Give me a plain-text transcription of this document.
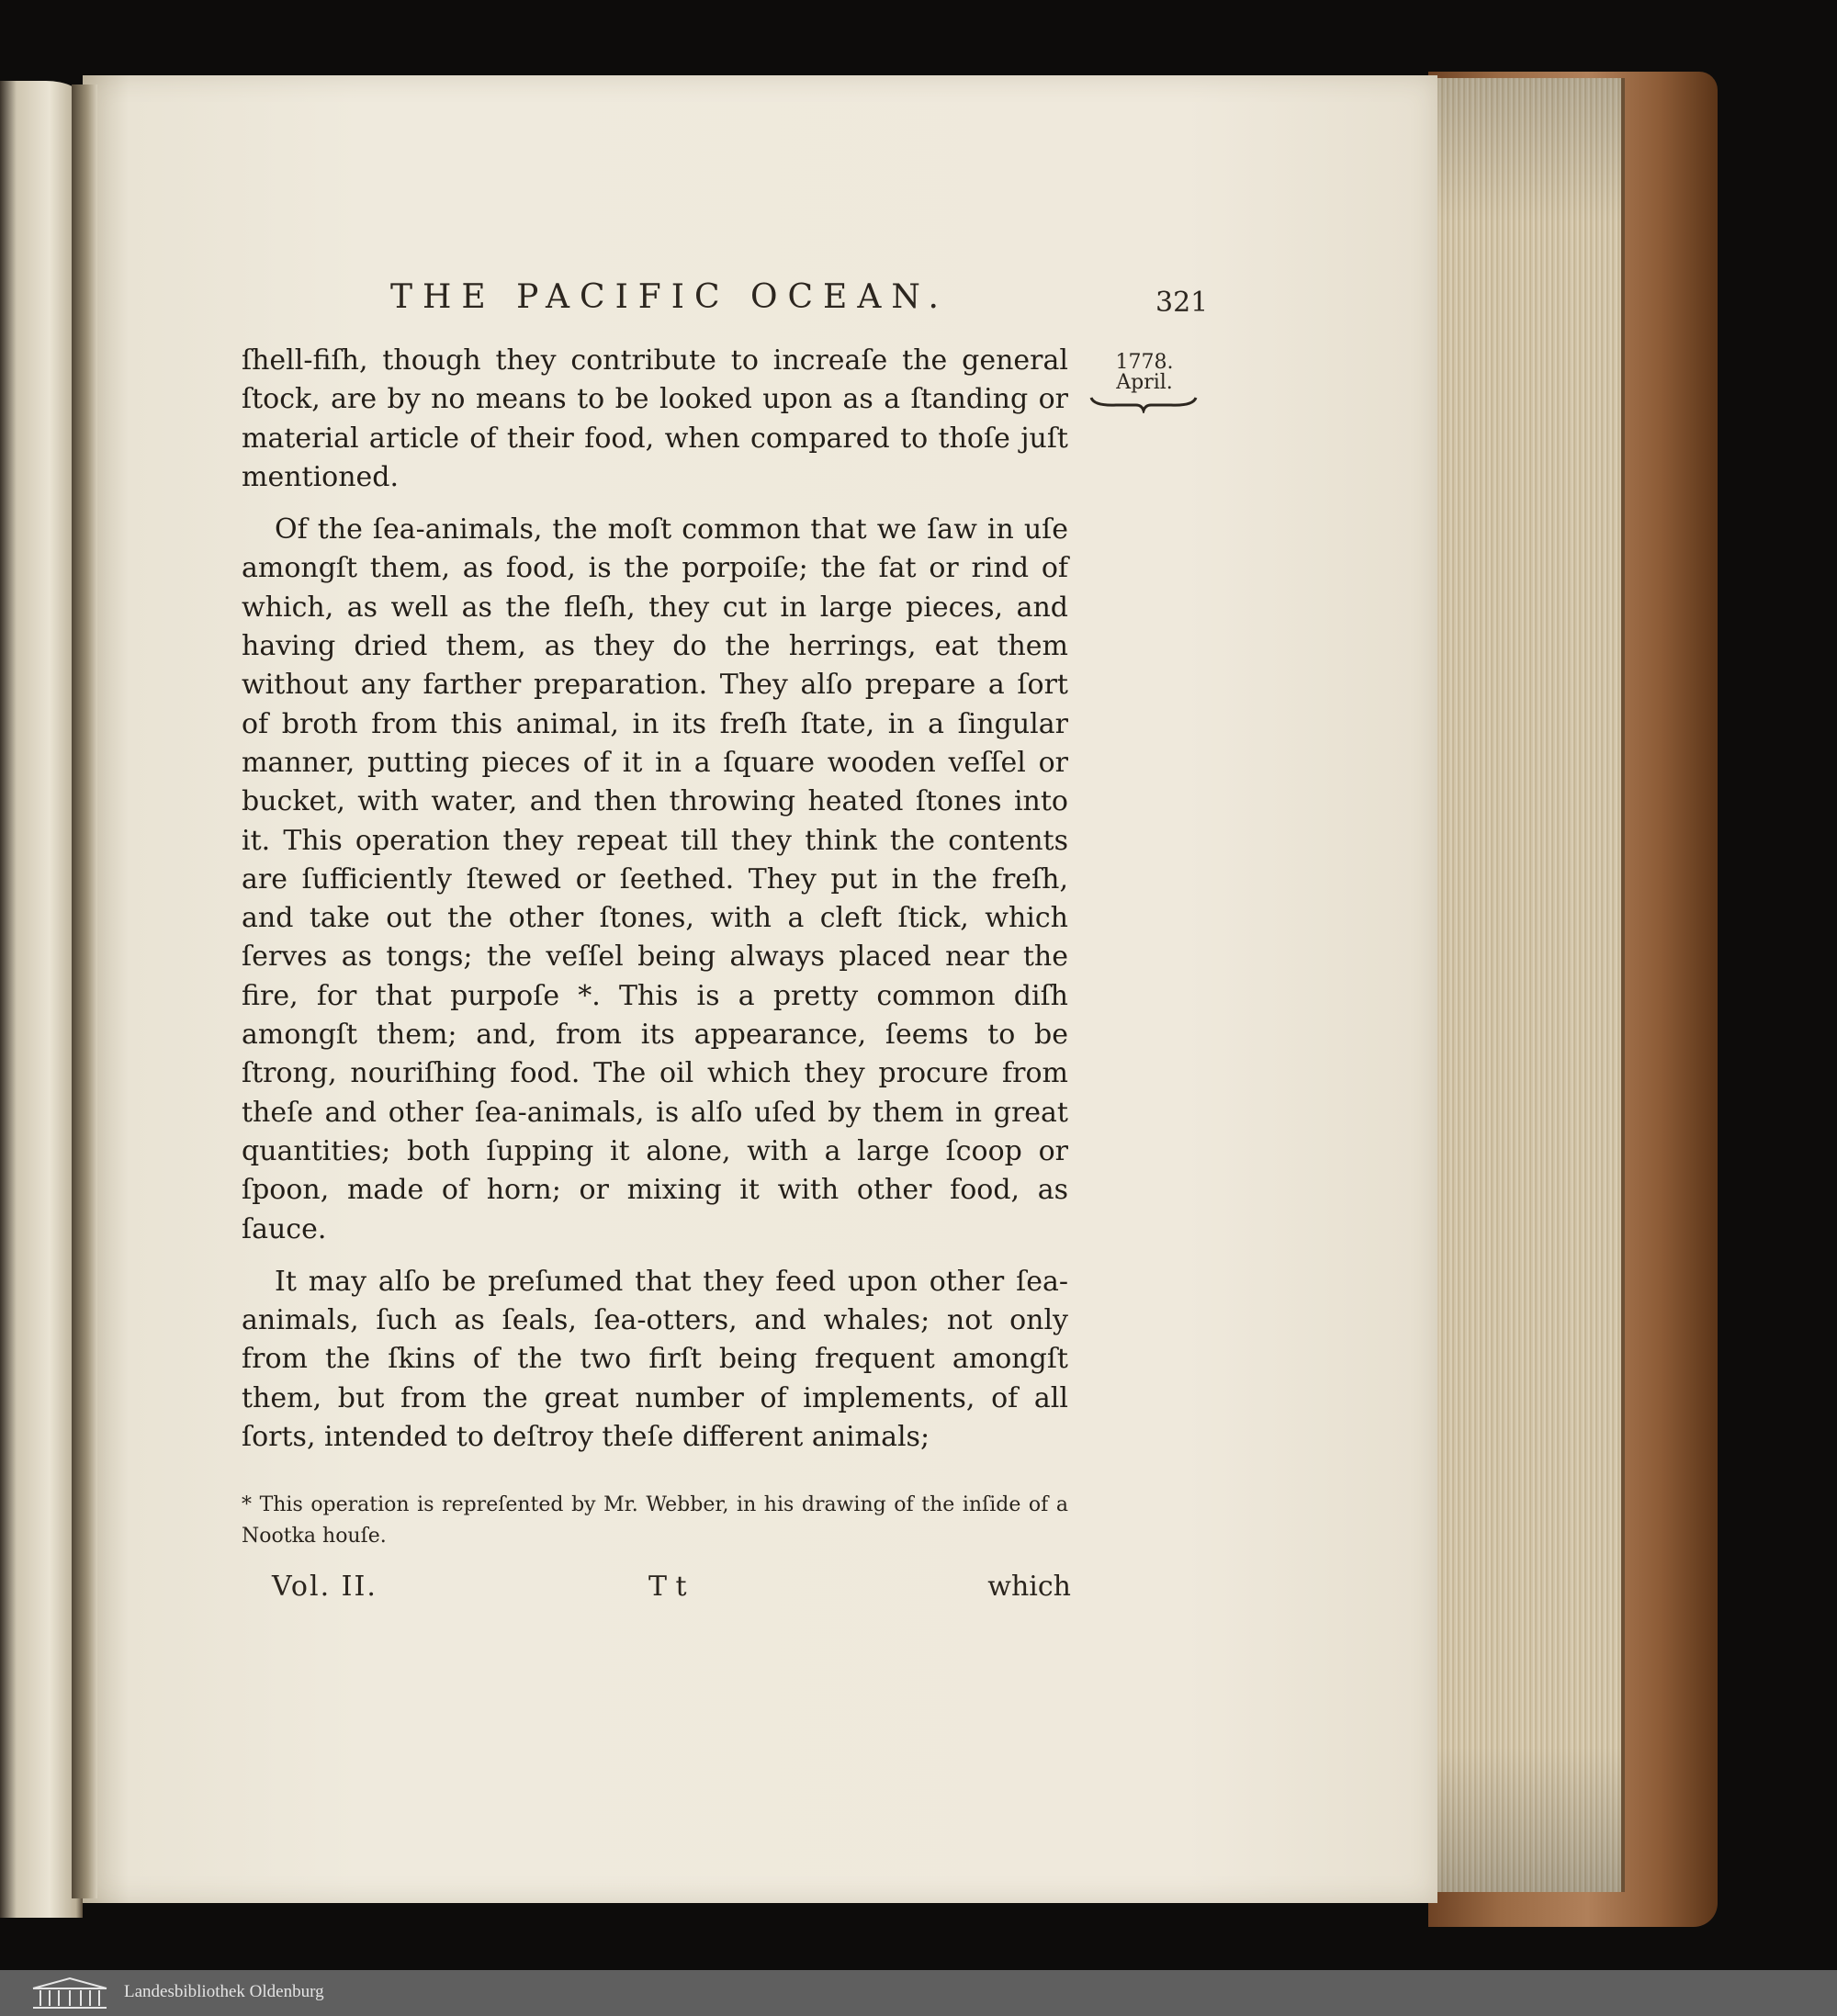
THE PACIFIC OCEAN.	321
1778.
April.

ſhell-fiſh, though they contribute to increaſe the general ſtock, are by no means to be looked upon as a ſtanding or material article of their food, when compared to thoſe juſt mentioned.

Of the ſea-animals, the moſt common that we ſaw in uſe amongſt them, as food, is the porpoiſe; the fat or rind of which, as well as the fleſh, they cut in large pieces, and having dried them, as they do the herrings, eat them without any farther preparation. They alſo prepare a ſort of broth from this animal, in its freſh ſtate, in a ſingular manner, putting pieces of it in a ſquare wooden veſſel or bucket, with water, and then throwing heated ſtones into it. This operation they repeat till they think the contents are ſufficiently ſtewed or ſeethed. They put in the freſh, and take out the other ſtones, with a cleft ſtick, which ſerves as tongs; the veſſel being always placed near the fire, for that purpoſe *. This is a pretty common diſh amongſt them; and, from its appearance, ſeems to be ſtrong, nouriſhing food. The oil which they procure from theſe and other ſea-animals, is alſo uſed by them in great quantities; both ſupping it alone, with a large ſcoop or ſpoon, made of horn; or mixing it with other food, as ſauce.

It may alſo be preſumed that they feed upon other ſea-animals, ſuch as ſeals, ſea-otters, and whales; not only from the ſkins of the two firſt being frequent amongſt them, but from the great number of implements, of all ſorts, intended to deſtroy theſe different animals;

* This operation is repreſented by Mr. Webber, in his drawing of the inſide of a Nootka houſe.
Vol. II.	T t	which
Landesbibliothek Oldenburg
